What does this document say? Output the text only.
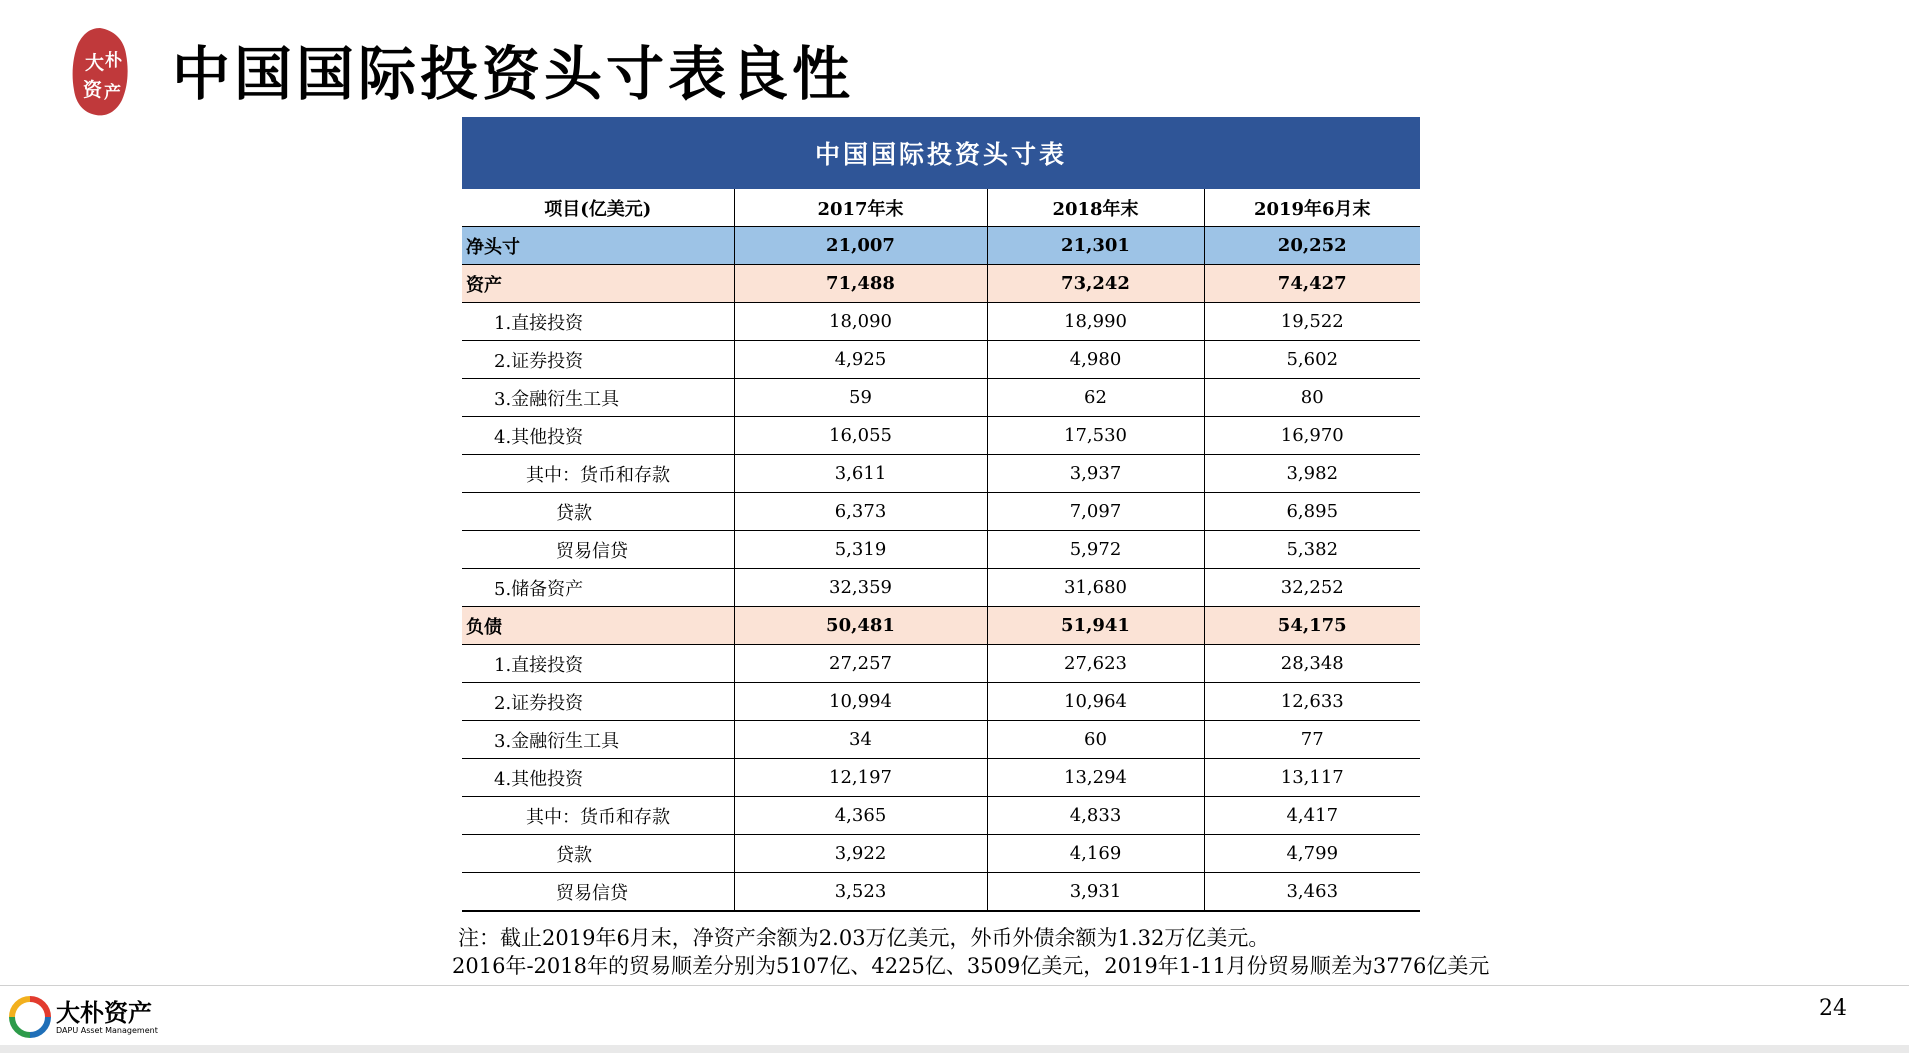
大 朴
资 产 中国国际投资头寸表良性
中国国际投资头寸表
项目(亿美元)	2017年末	2018年末	2019年6月末
净头寸	21,007	21,301	20,252
资产	71,488	73,242	74,427
1.直接投资	18,090	18,990	19,522
2.证券投资	4,925	4,980	5,602
3.金融衍生工具	59	62	80
4.其他投资	16,055	17,530	16,970
其中：货币和存款	3,611	3,937	3,982
贷款	6,373	7,097	6,895
贸易信贷	5,319	5,972	5,382
5.储备资产	32,359	31,680	32,252
负债	50,481	51,941	54,175
1.直接投资	27,257	27,623	28,348
2.证券投资	10,994	10,964	12,633
3.金融衍生工具	34	60	77
4.其他投资	12,197	13,294	13,117
其中：货币和存款	4,365	4,833	4,417
贷款	3,922	4,169	4,799
贸易信贷	3,523	3,931	3,463
注：截止2019年6月末，净资产余额为2.03万亿美元，外币外债余额为1.32万亿美元。
2016年-2018年的贸易顺差分别为5107亿、4225亿、3509亿美元，2019年1-11月份贸易顺差为3776亿美元
大朴资产
DAPU Asset Management
24
